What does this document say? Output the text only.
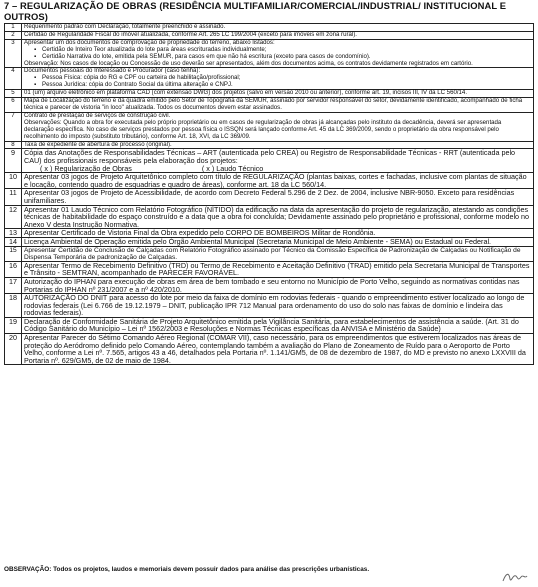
7 – REGULARIZAÇÃO DE OBRAS (RESIDÊNCIA MULTIFAMILIAR/COMERCIAL/INDUSTRIAL/ INSTITUCIONAL E OUTROS)
1	Requerimento padrão com Declaração, totalmente preenchido e assinado.

2	Certidão de Regularidade Fiscal do imóvel atualizada, conforme Art. 265 LC 199/2004 (exceto para imóveis em zona rural).

3	Apresentar um dos documentos de comprovação de propriedade do terreno, abaixo listados:
▪ Certidão de Inteiro Teor atualizada do lote para áreas escrituradas individualmente;
▪ Certidão Narrativa do lote, emitida pela SEMUR, para casos em que não há escritura (exceto para casos de condomínio).
Observação: Nos casos de locação ou Concessão de uso deverão ser apresentados, além dos documentos acima, os contratos devidamente registrados em cartório.

4	Documentos pessoais do Interessado e Procurador (caso tenha):
▪ Pessoa Física: cópia do RG e CPF ou carteira de habilitação/profissional;
▪ Pessoa Jurídica: cópia do Contrato Social da última alteração e CNPJ.

5	01 (um) arquivo eletrônico em plataforma CAD (com extensão DWG) dos projetos (salvo em versão 2010 ou anterior), conforme art. 19, incisos III, IV da LC 560/14.

6	Mapa de Localização do terreno e da quadra emitido pelo Setor de Topografia da SEMUR, assinado por servidor responsável do setor, devidamente identificado, acompanhado de ficha técnica e parecer de vistoria "in loco" atualizada. Todos os documentos devem estar assinados.

7	Contrato de prestação de serviços de construção civil.
Observações: Quando a obra for executada pelo próprio proprietário ou em casos de regularização de obras já alcançadas pelo instituto da decadência, deverá ser apresentada declaração específica. No caso de serviços prestados por pessoa física o ISSQN será lançado conforme Art. 45 da LC 369/2009, sendo o proprietário da obra responsável pelo recolhimento do imposto (substituto tributário), conforme Art. 18, XVI, da LC 369/09.

8	Taxa de expediente de abertura de processo (original).

9	Cópia das Anotações de Responsabilidades Técnicas – ART (autenticada pelo CREA) ou Registro de Responsabilidade Técnicas - RRT (autenticada pelo CAU) dos profissionais responsáveis pela elaboração dos projetos:
( x ) Regularização de Obras ( x ) Laudo Técnico

10	Apresentar 03 jogos de Projeto Arquitetônico completo com título de REGULARIZAÇÃO (plantas baixas, cortes e fachadas, inclusive com plantas de situação e locação, contendo quadro de esquadrias e quadro de áreas), conforme art. 18 da LC 560/14.

11	Apresentar 03 jogos de Projeto de Acessibilidade, de acordo com Decreto Federal 5.296 de 2 Dez. de 2004, inclusive NBR-9050. Exceto para residências unifamiliares.

12	Apresentar 01 Laudo Técnico com Relatório Fotográfico (NÍTIDO) da edificação na data da apresentação do projeto de regularização, atestando as condições técnicas de habitabilidade do espaço construído e a data que a obra foi concluída; Devidamente assinado pelo proprietário e profissional, conforme modelo no Anexo V desta Instrução Normativa.

13	Apresentar Certificado de Vistoria Final da Obra expedido pelo CORPO DE BOMBEIROS Militar de Rondônia.

14	Licença Ambiental de Operação emitida pelo Órgão Ambiental Municipal (Secretaria Municipal de Meio Ambiente - SEMA) ou Estadual ou Federal.

15	Apresentar Certidão de Conclusão de Calçadas com Relatório Fotográfico assinado por Técnico da Comissão Específica de Padronização de Calçadas ou Notificação de Dispensa Temporária de padronização de Calçadas.

16	Apresentar Termo de Recebimento Definitivo (TRD) ou Termo de Recebimento e Aceitação Definitivo (TRAD) emitido pela Secretaria Municipal de Transportes e Trânsito - SEMTRAN, acompanhado de PARECER FAVORÁVEL.

17	Autorização do IPHAN para execução de obras em área de bem tombado e seu entorno no Município de Porto Velho, seguindo as normativas contidas nas Portarias do IPHAN nº 231/2007 e a nº 420/2010.

18	AUTORIZAÇÃO DO DNIT para acesso do lote por meio da faixa de domínio em rodovias federais - quando o empreendimento estiver localizado ao longo de rodovias federais (Lei 6.766 de 19.12.1979 – DNIT, publicação IPR 712 Manual para ordenamento do uso do solo nas faixas de domínio e lindeira das rodovias federais).

19	Declaração de Conformidade Sanitária de Projeto Arquitetônico emitida pela Vigilância Sanitária, para estabelecimentos de assistência a saúde. (Art. 31 do Código Sanitário do Município – Lei nº 1562/2003 e Resoluções e Normas Técnicas específicas da ANVISA e Ministério da Saúde)

20	Apresentar Parecer do Sétimo Comando Aéreo Regional (COMAR VII), caso necessário, para os empreendimentos que estiverem localizados nas áreas de proteção do Aeródromo definido pelo Comando Aéreo, contemplando também a avaliação do Plano de Zoneamento de Ruído para o Aeroporto de Porto Velho, conforme a Lei nº. 7.565, artigos 43 a 46, detalhados pela Portaria nº. 1.141/GM5, de 08 de dezembro de 1987, do MD e previsto no anexo LXXVIII da Portaria nº. 629/GM5, de 02 de maio de 1984.
OBSERVAÇÃO: Todos os projetos, laudos e memoriais devem possuir dados para análise das prescrições urbanísticas.
